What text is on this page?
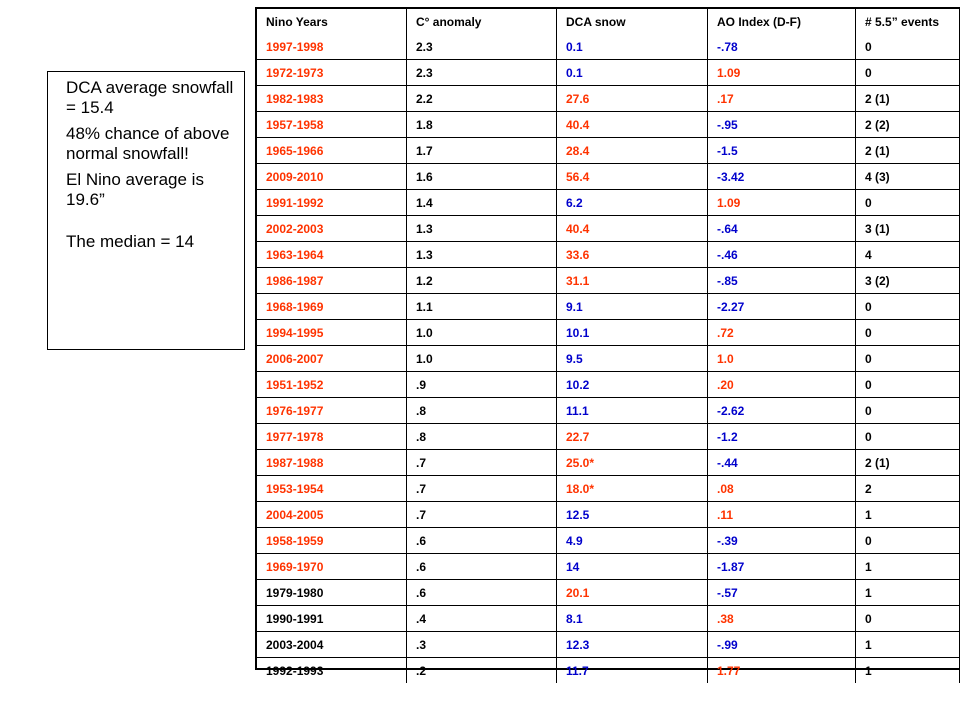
DCA average snowfall = 15.4

48% chance of above normal snowfall!

El Nino average is 19.6”

The median = 14

Nino Years	C° anomaly	DCA snow	AO Index (D-F)	# 5.5” events
1997-1998	2.3	0.1	-.78	0
1972-1973	2.3	0.1	1.09	0
1982-1983	2.2	27.6	.17	2 (1)
1957-1958	1.8	40.4	-.95	2 (2)
1965-1966	1.7	28.4	-1.5	2 (1)
2009-2010	1.6	56.4	-3.42	4 (3)
1991-1992	1.4	6.2	1.09	0
2002-2003	1.3	40.4	-.64	3 (1)
1963-1964	1.3	33.6	-.46	4
1986-1987	1.2	31.1	-.85	3 (2)
1968-1969	1.1	9.1	-2.27	0
1994-1995	1.0	10.1	.72	0
2006-2007	1.0	9.5	1.0	0
1951-1952	.9	10.2	.20	0
1976-1977	.8	11.1	-2.62	0
1977-1978	.8	22.7	-1.2	0
1987-1988	.7	25.0*	-.44	2 (1)
1953-1954	.7	18.0*	.08	2
2004-2005	.7	12.5	.11	1
1958-1959	.6	4.9	-.39	0
1969-1970	.6	14	-1.87	1
1979-1980	.6	20.1	-.57	1
1990-1991	.4	8.1	.38	0
2003-2004	.3	12.3	-.99	1
1992-1993	.2	11.7	1.77	1
